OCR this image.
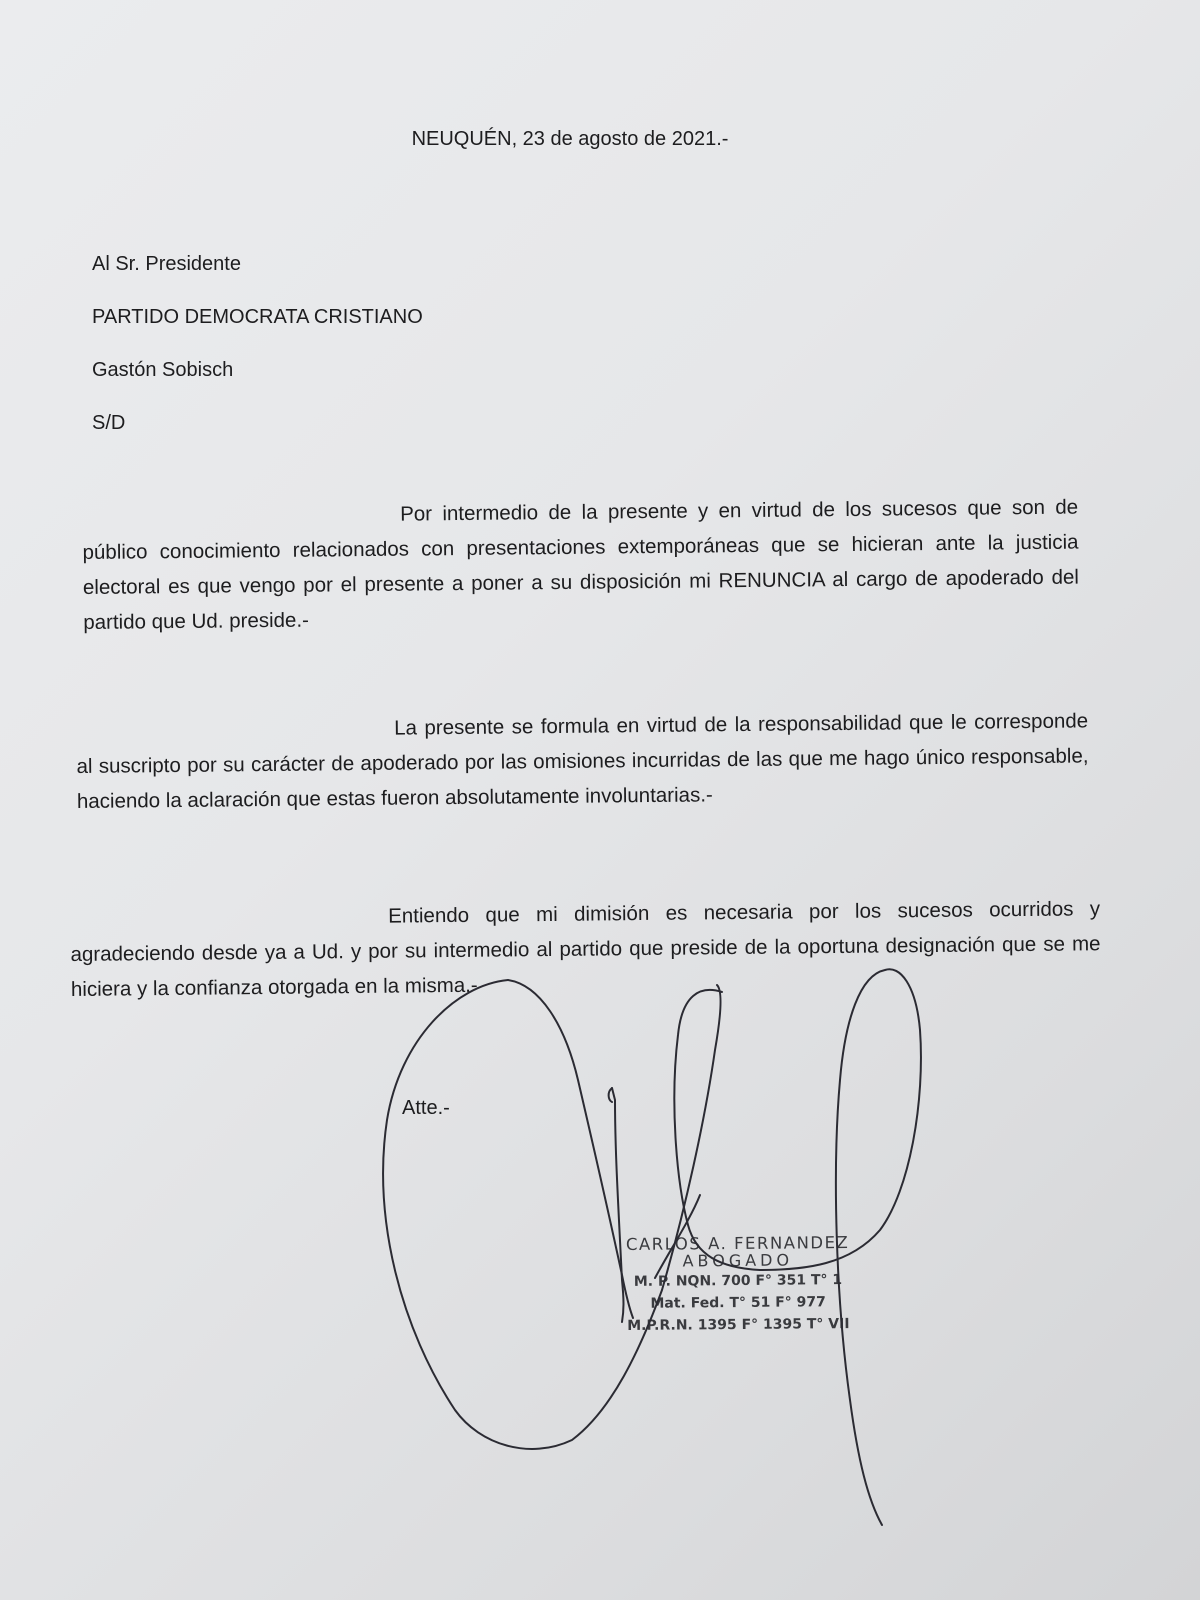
NEUQUÉN, 23 de agosto de 2021.-
Al Sr. Presidente
PARTIDO DEMOCRATA CRISTIANO
Gastón Sobisch
S/D
Por intermedio de la presente y en virtud de los sucesos que son de público conocimiento relacionados con presentaciones extemporáneas que se hicieran ante la justicia electoral es que vengo por el presente a poner a su disposición mi RENUNCIA al cargo de apoderado del partido que Ud. preside.-
La presente se formula en virtud de la responsabilidad que le corresponde al suscripto por su carácter de apoderado por las omisiones incurridas de las que me hago único responsable, haciendo la aclaración que estas fueron absolutamente involuntarias.-
Entiendo que mi dimisión es necesaria por los sucesos ocurridos y agradeciendo desde ya a Ud. y por su intermedio al partido que preside de la oportuna designación que se me hiciera y la confianza otorgada en la misma.-
Atte.-
CARLOS A. FERNANDEZ
ABOGADO
M. P. NQN. 700 F° 351 T° 1
Mat. Fed. T° 51 F° 977
M.P.R.N. 1395 F° 1395 T° VII
